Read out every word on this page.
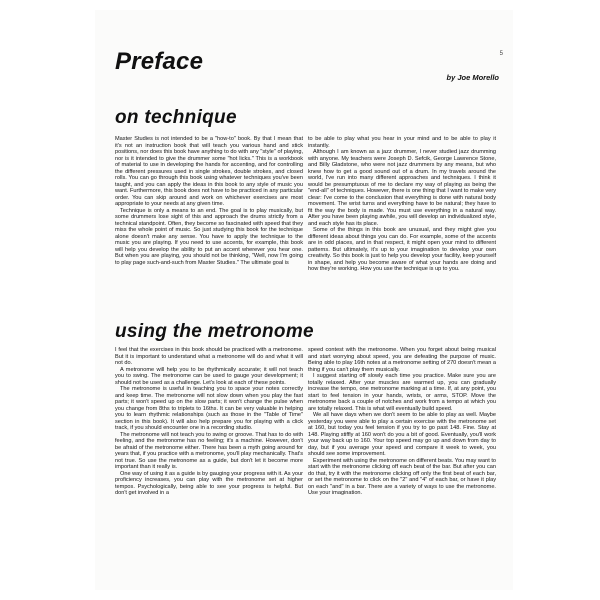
5
Preface
by Joe Morello
on technique

Master Studies is not intended to be a "how-to" book. By that I mean that it's not an instruction book that will teach you various hand and stick positions, nor does this book have anything to do with any "style" of playing, nor is it intended to give the drummer some "hot licks." This is a workbook of material to use in developing the hands for accenting, and for controlling the different pressures used in single strokes, double strokes, and closed rolls. You can go through this book using whatever techniques you've been taught, and you can apply the ideas in this book to any style of music you want. Furthermore, this book does not have to be practiced in any particular order. You can skip around and work on whichever exercises are most appropriate to your needs at any given time.

Technique is only a means to an end. The goal is to play musically, but some drummers lose sight of this and approach the drums strictly from a technical standpoint. Often, they become so fascinated with speed that they miss the whole point of music. So just studying this book for the technique alone doesn't make any sense. You have to apply the technique to the music you are playing. If you need to use accents, for example, this book will help you develop the ability to put an accent wherever you hear one. But when you are playing, you should not be thinking, "Well, now I'm going to play page such-and-such from Master Studies." The ultimate goal is

to be able to play what you hear in your mind and to be able to play it instantly.

Although I am known as a jazz drummer, I never studied jazz drumming with anyone. My teachers were Joseph D. Sefcik, George Lawrence Stone, and Billy Gladstone, who were not jazz drummers by any means, but who knew how to get a good sound out of a drum. In my travels around the world, I've run into many different approaches and techniques. I think it would be presumptuous of me to declare my way of playing as being the "end-all" of techniques. However, there is one thing that I want to make very clear: I've come to the conclusion that everything is done with natural body movement. The wrist turns and everything have to be natural; they have to fit the way the body is made. You must use everything in a natural way. After you have been playing awhile, you will develop an individualized style, and each style has its place.

Some of the things in this book are unusual, and they might give you different ideas about things you can do. For example, some of the accents are in odd places, and in that respect, it might open your mind to different patterns. But ultimately, it's up to your imagination to develop your own creativity. So this book is just to help you develop your facility, keep yourself in shape, and help you become aware of what your hands are doing and how they're working. How you use the technique is up to you.

using the metronome

I feel that the exercises in this book should be practiced with a metronome. But it is important to understand what a metronome will do and what it will not do.

A metronome will help you to be rhythmically accurate; it will not teach you to swing. The metronome can be used to gauge your development; it should not be used as a challenge. Let's look at each of these points.

The metronome is useful in teaching you to space your notes correctly and keep time. The metronome will not slow down when you play the fast parts; it won't speed up on the slow parts; it won't change the pulse when you change from 8ths to triplets to 16ths. It can be very valuable in helping you to learn rhythmic relationships (such as those in the "Table of Time" section in this book). It will also help prepare you for playing with a click track, if you should encounter one in a recording studio.

The metronome will not teach you to swing or groove. That has to do with feeling, and the metronome has no feeling; it's a machine. However, don't be afraid of the metronome either. There has been a myth going around for years that, if you practice with a metronome, you'll play mechanically. That's not true. So use the metronome as a guide, but don't let it become more important than it really is.

One way of using it as a guide is by gauging your progress with it. As your proficiency increases, you can play with the metronome set at higher tempos. Psychologically, being able to see your progress is helpful. But don't get involved in a

speed contest with the metronome. When you forget about being musical and start worrying about speed, you are defeating the purpose of music. Being able to play 16th notes at a metronome setting of 270 doesn't mean a thing if you can't play them musically.

I suggest starting off slowly each time you practice. Make sure you are totally relaxed. After your muscles are warmed up, you can gradually increase the tempo, one metronome marking at a time. If, at any point, you start to feel tension in your hands, wrists, or arms, STOP. Move the metronome back a couple of notches and work from a tempo at which you are totally relaxed. This is what will eventually build speed.

We all have days when we don't seem to be able to play as well. Maybe yesterday you were able to play a certain exercise with the metronome set at 160, but today you feel tension if you try to go past 148. Fine. Stay at 148. Playing stiffly at 160 won't do you a bit of good. Eventually, you'll work your way back up to 160. Your top speed may go up and down from day to day, but if you average your speed and compare it week to week, you should see some improvement.

Experiment with using the metronome on different beats. You may want to start with the metronome clicking off each beat of the bar. But after you can do that, try it with the metronome clicking off only the first beat of each bar, or set the metronome to click on the "2" and "4" of each bar, or have it play on each "and" in a bar. There are a variety of ways to use the metronome. Use your imagination.
